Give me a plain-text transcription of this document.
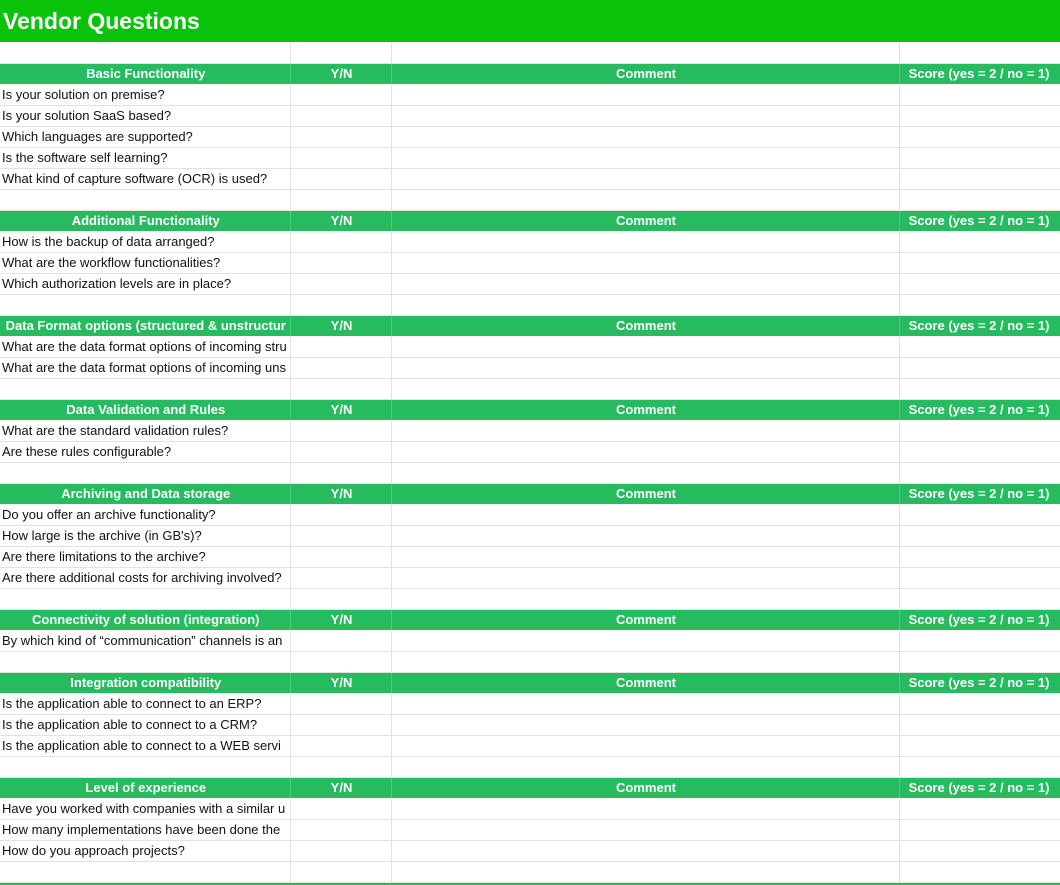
Vendor Questions

Basic Functionality	Y/N	Comment	Score (yes = 2 / no = 1)
Is your solution on premise?			
Is your solution SaaS based?			
Which languages are supported?			
Is the software self learning?			
What kind of capture software (OCR) is used?			

Additional Functionality	Y/N	Comment	Score (yes = 2 / no = 1)
How is the backup of data arranged?			
What are the workflow functionalities?			
Which authorization levels are in place?			

Data Format options (structured & unstructur	Y/N	Comment	Score (yes = 2 / no = 1)
What are the data format options of incoming stru			
What are the data format options of incoming uns			

Data Validation and Rules	Y/N	Comment	Score (yes = 2 / no = 1)
What are the standard validation rules?			
Are these rules configurable?			

Archiving and Data storage	Y/N	Comment	Score (yes = 2 / no = 1)
Do you offer an archive functionality?			
How large is the archive (in GB's)?			
Are there limitations to the archive?			
Are there additional costs for archiving involved?			

Connectivity of solution (integration)	Y/N	Comment	Score (yes = 2 / no = 1)
By which kind of “communication” channels is an			

Integration compatibility	Y/N	Comment	Score (yes = 2 / no = 1)
Is the application able to connect to an ERP?			
Is the application able to connect to a CRM?			
Is the application able to connect to a WEB servi			

Level of experience	Y/N	Comment	Score (yes = 2 / no = 1)
Have you worked with companies with a similar u			
How many implementations have been done the			
How do you approach projects?			
